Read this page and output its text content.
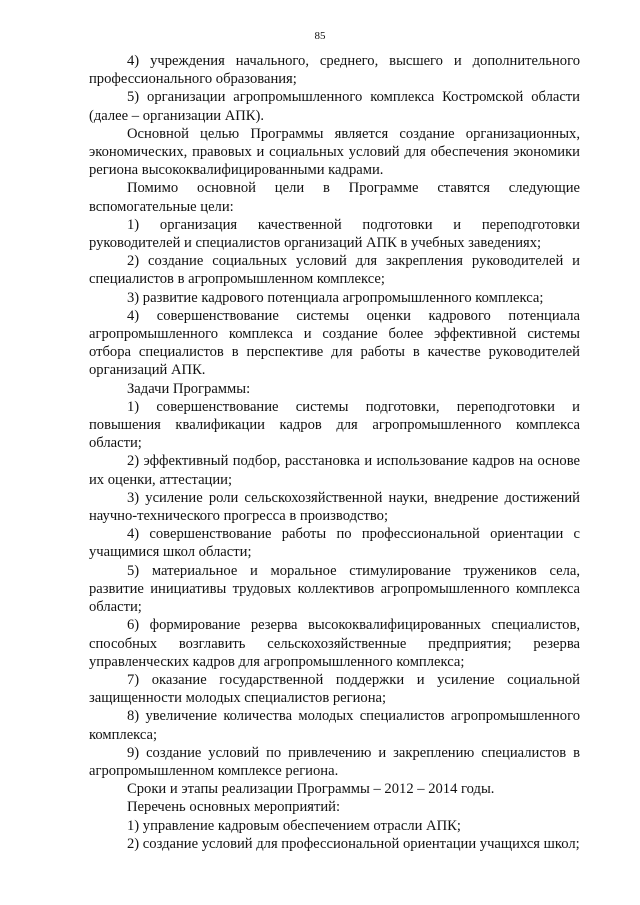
85

4) учреждения начального, среднего, высшего и дополнительного профессионального образования;

5) организации агропромышленного комплекса Костромской области (далее – организации АПК).

Основной целью Программы является создание организационных, экономических, правовых и социальных условий для обеспечения экономики региона высококвалифицированными кадрами.

Помимо основной цели в Программе ставятся следующие вспомогательные цели:

1) организация качественной подготовки и переподготовки руководителей и специалистов организаций АПК в учебных заведениях;

2) создание социальных условий для закрепления руководителей и специалистов в агропромышленном комплексе;

3) развитие кадрового потенциала агропромышленного комплекса;

4) совершенствование системы оценки кадрового потенциала агропромышленного комплекса и создание более эффективной системы отбора специалистов в перспективе для работы в качестве руководителей организаций АПК.

Задачи Программы:

1) совершенствование системы подготовки, переподготовки и повышения квалификации кадров для агропромышленного комплекса области;

2) эффективный подбор, расстановка и использование кадров на основе их оценки, аттестации;

3) усиление роли сельскохозяйственной науки, внедрение достижений научно-технического прогресса в производство;

4) совершенствование работы по профессиональной ориентации с учащимися школ области;

5) материальное и моральное стимулирование тружеников села, развитие инициативы трудовых коллективов агропромышленного комплекса области;

6) формирование резерва высококвалифицированных специалистов, способных возглавить сельскохозяйственные предприятия; резерва управленческих кадров для агропромышленного комплекса;

7) оказание государственной поддержки и усиление социальной защищенности молодых специалистов региона;

8) увеличение количества молодых специалистов агропромышленного комплекса;

9) создание условий по привлечению и закреплению специалистов в агропромышленном комплексе региона.

Сроки и этапы реализации Программы – 2012 – 2014 годы.

Перечень основных мероприятий:

1) управление кадровым обеспечением отрасли АПК;

2) создание условий для профессиональной ориентации учащихся школ;
